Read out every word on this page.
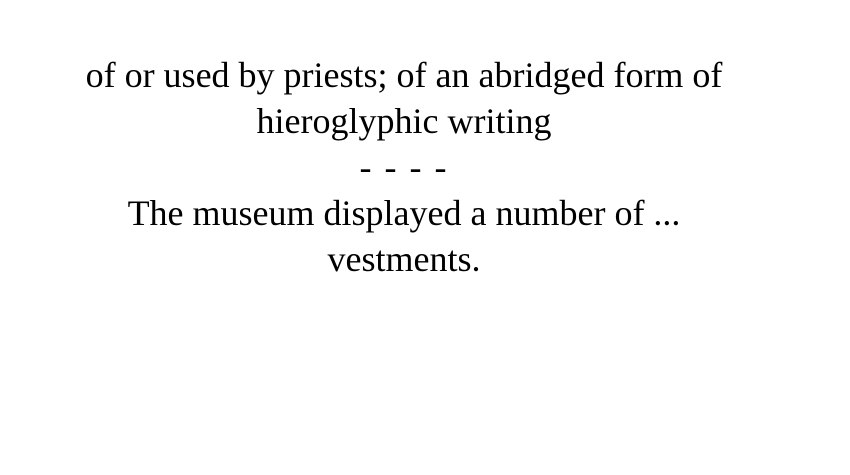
of or used by priests; of an abridged form of
hieroglyphic writing
- - - -
The museum displayed a number of ...
vestments.
